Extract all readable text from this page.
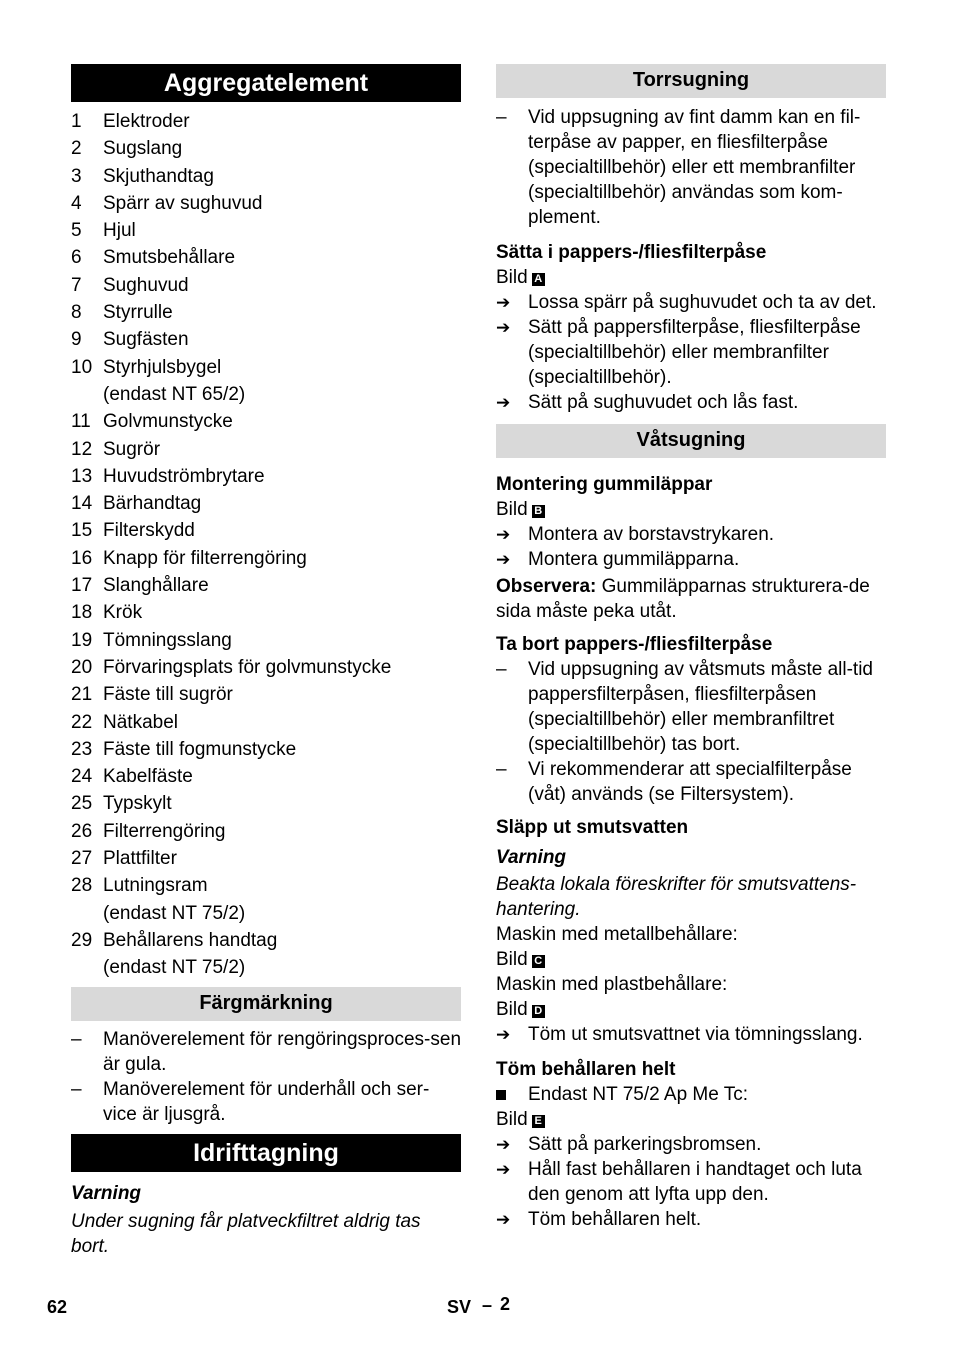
Aggregatelement
1	Elektroder
2	Sugslang
3	Skjuthandtag
4	Spärr av sughuvud
5	Hjul
6	Smutsbehållare
7	Sughuvud
8	Styrrulle
9	Sugfästen
10 Styrhjulsbygel
(endast NT 65/2)
11 Golvmunstycke
12 Sugrör
13 Huvudströmbrytare
14 Bärhandtag
15 Filterskydd
16 Knapp för filterrengöring
17 Slanghållare
18 Krök
19 Tömningsslang
20 Förvaringsplats för golvmunstycke
21 Fäste till sugrör
22 Nätkabel
23 Fäste till fogmunstycke
24 Kabelfäste
25 Typskylt
26 Filterrengöring
27 Plattfilter
28 Lutningsram
(endast NT 75/2)
29 Behållarens handtag
(endast NT 75/2)
Färgmärkning
–	Manöverelement för rengöringsproces-sen är gula.
–	Manöverelement för underhåll och ser-vice är ljusgrå.
Idrifttagning
Varning
Under sugning får platveckfiltret aldrig tas bort.
Torrsugning
–	Vid uppsugning av fint damm kan en fil-terpåse av papper, en fliesfilterpåse (specialtillbehör) eller ett membranfilter (specialtillbehör) användas som kom-plement.
Sätta i pappers-/fliesfilterpåse
Bild A
➔ Lossa spärr på sughuvudet och ta av det.
➔ Sätt på pappersfilterpåse, fliesfilterpåse (specialtillbehör) eller membranfilter (specialtillbehör).
➔ Sätt på sughuvudet och lås fast.
Våtsugning
Montering gummiläppar
Bild B
➔ Montera av borstavstrykaren.
➔ Montera gummiläpparna.
Observera: Gummiläpparnas strukturera-de sida måste peka utåt.
Ta bort pappers-/fliesfilterpåse
–	Vid uppsugning av våtsmuts måste all-tid pappersfilterpåsen, fliesfilterpåsen (specialtillbehör) eller membranfiltret (specialtillbehör) tas bort.
–	Vi rekommenderar att specialfilterpåse (våt) används (se Filtersystem).
Släpp ut smutsvatten
Varning
Beakta lokala föreskrifter för smutsvattens-hantering.
Maskin med metallbehållare:
Bild C
Maskin med plastbehållare:
Bild D
➔ Töm ut smutsvattnet via tömningsslang.
Töm behållaren helt
Endast NT 75/2 Ap Me Tc:
Bild E
➔ Sätt på parkeringsbromsen.
➔ Håll fast behållaren i handtaget och luta den genom att lyfta upp den.
➔ Töm behållaren helt.
62	SV – 2
